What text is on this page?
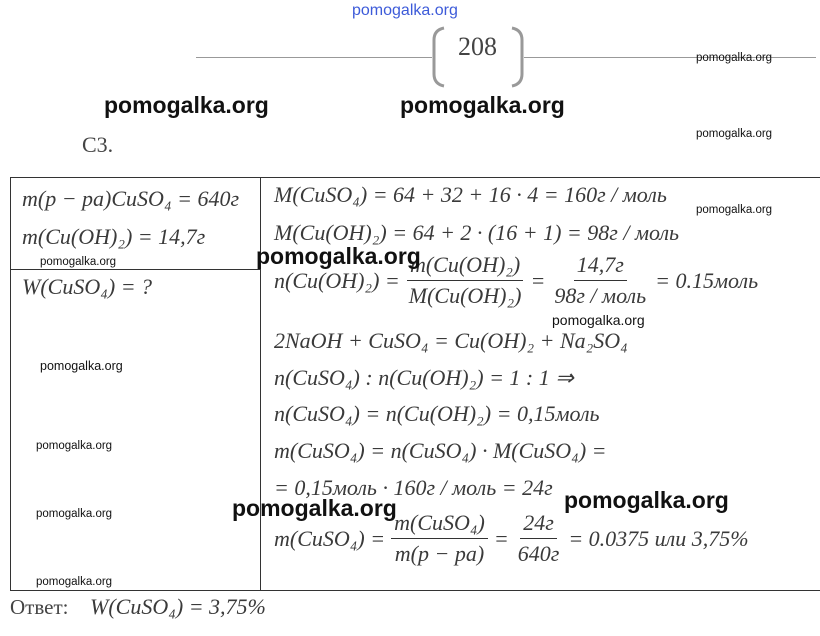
pomogalka.org
208	pomogalka.org
pomogalka.org	pomogalka.org
pomogalka.org
С3.
m(p − pa)CuSO₄ = 640г
m(Cu(OH)₂) = 14,7г
W(CuSO₄) = ?
M(CuSO₄) = 64 + 32 + 16 · 4 = 160г / моль
M(Cu(OH)₂) = 64 + 2 · (16 + 1) = 98г / моль
$n(Cu(OH)_2) = \frac{\text{m(Cu(OH)₂)}}{\text{M(Cu(OH)₂)}} = \frac{14,7г}{\text{98г / моль}}$ = 0.15моль
2NaOH + CuSO₄ = Cu(OH)₂ + Na₂SO₄
n(CuSO₄) : n(Cu(OH)₂) = 1 : 1 ⇒
n(CuSO₄) = n(Cu(OH)₂) = 0,15моль
m(CuSO₄) = n(CuSO₄) · M(CuSO₄) =
= 0,15моль · 160г / моль = 24г
m(CuSO₄) = $\frac{\text{m(CuSO₄)}}{m(p - pa)} = \frac{24г}{640г} = 0.0375$ или 3,75%
pomogalka.org
pomogalka.org
pomogalka.org
pomogalka.org
pomogalka.org
pomogalka.org
pomogalka.org
pomogalka.org
pomogalka.org
pomogalka.org
Ответ: W(CuSO₄) = 3,75%
